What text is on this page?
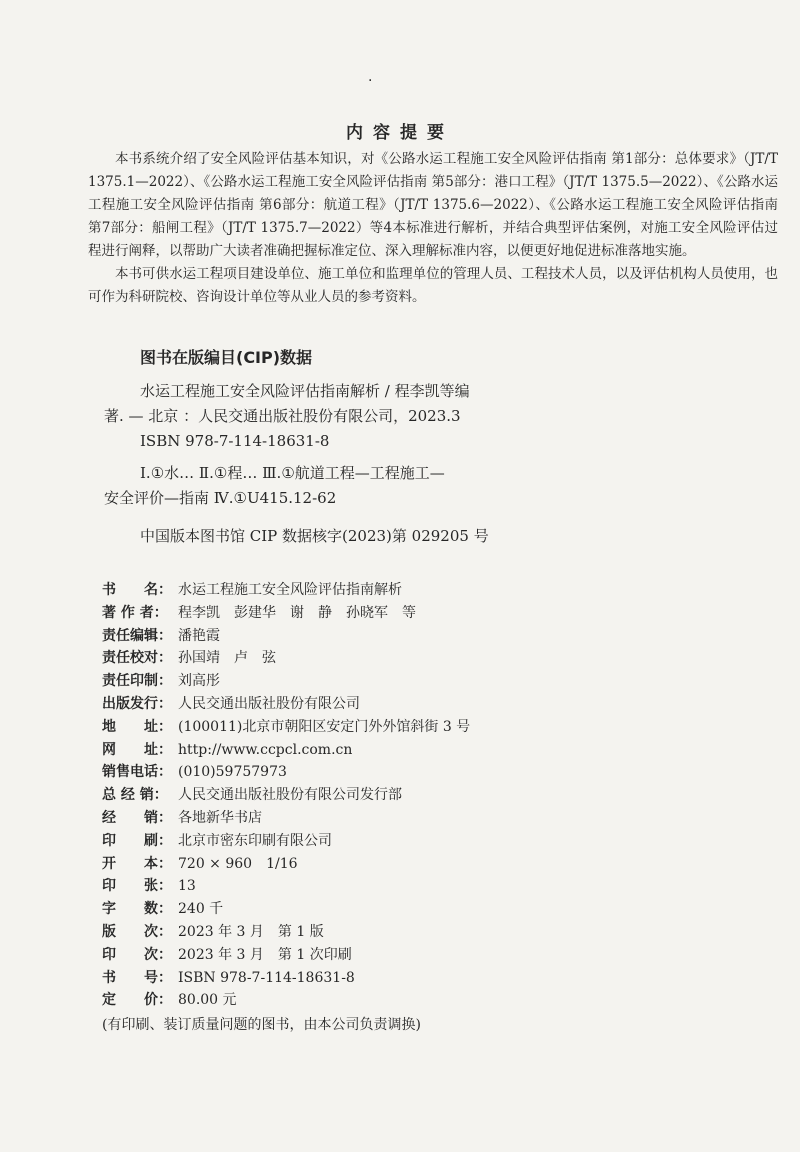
·
内容提要

本书系统介绍了安全风险评估基本知识，对《公路水运工程施工安全风险评估指南 第1部分：总体要求》（JT/T 1375.1—2022）、《公路水运工程施工安全风险评估指南 第5部分：港口工程》（JT/T 1375.5—2022）、《公路水运工程施工安全风险评估指南 第6部分：航道工程》（JT/T 1375.6—2022）、《公路水运工程施工安全风险评估指南 第7部分：船闸工程》（JT/T 1375.7—2022）等4本标准进行解析，并结合典型评估案例，对施工安全风险评估过程进行阐释，以帮助广大读者准确把握标准定位、深入理解标准内容，以便更好地促进标准落地实施。

本书可供水运工程项目建设单位、施工单位和监理单位的管理人员、工程技术人员，以及评估机构人员使用，也可作为科研院校、咨询设计单位等从业人员的参考资料。

图书在版编目(CIP)数据
水运工程施工安全风险评估指南解析 / 程李凯等编
著. — 北京 ：人民交通出版社股份有限公司，2023.3
ISBN 978-7-114-18631-8
Ⅰ.①水… Ⅱ.①程… Ⅲ.①航道工程—工程施工—
安全评价—指南 Ⅳ.①U415.12-62
中国版本图书馆 CIP 数据核字(2023)第 029205 号
书　　名： 水运工程施工安全风险评估指南解析
著 作 者： 程李凯　彭建华　谢　静　孙晓军　等
责任编辑： 潘艳霞
责任校对： 孙国靖　卢　弦
责任印制： 刘高彤
出版发行： 人民交通出版社股份有限公司
地　　址： (100011)北京市朝阳区安定门外外馆斜街 3 号
网　　址： http://www.ccpcl.com.cn
销售电话： (010)59757973
总 经 销： 人民交通出版社股份有限公司发行部
经　　销： 各地新华书店
印　　刷： 北京市密东印刷有限公司
开　　本： 720 × 960　1/16
印　　张： 13
字　　数： 240 千
版　　次： 2023 年 3 月　第 1 版
印　　次： 2023 年 3 月　第 1 次印刷
书　　号： ISBN 978-7-114-18631-8
定　　价： 80.00 元
(有印刷、装订质量问题的图书，由本公司负责调换)
